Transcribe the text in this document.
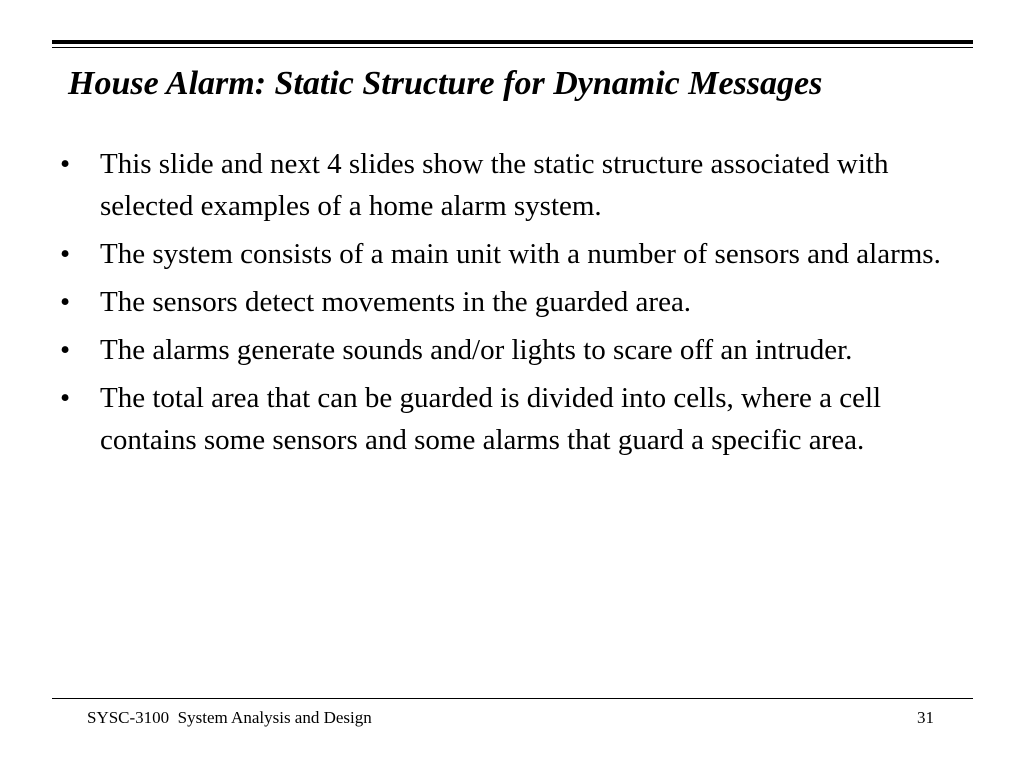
House Alarm: Static Structure for Dynamic Messages
• This slide and next 4 slides show the static structure associated with selected examples of a home alarm system.
• The system consists of a main unit with a number of sensors and alarms.
• The sensors detect movements in the guarded area.
• The alarms generate sounds and/or lights to scare off an intruder.
• The total area that can be guarded is divided into cells, where a cell contains some sensors and some alarms that guard a specific area.
SYSC-3100  System Analysis and Design	31
